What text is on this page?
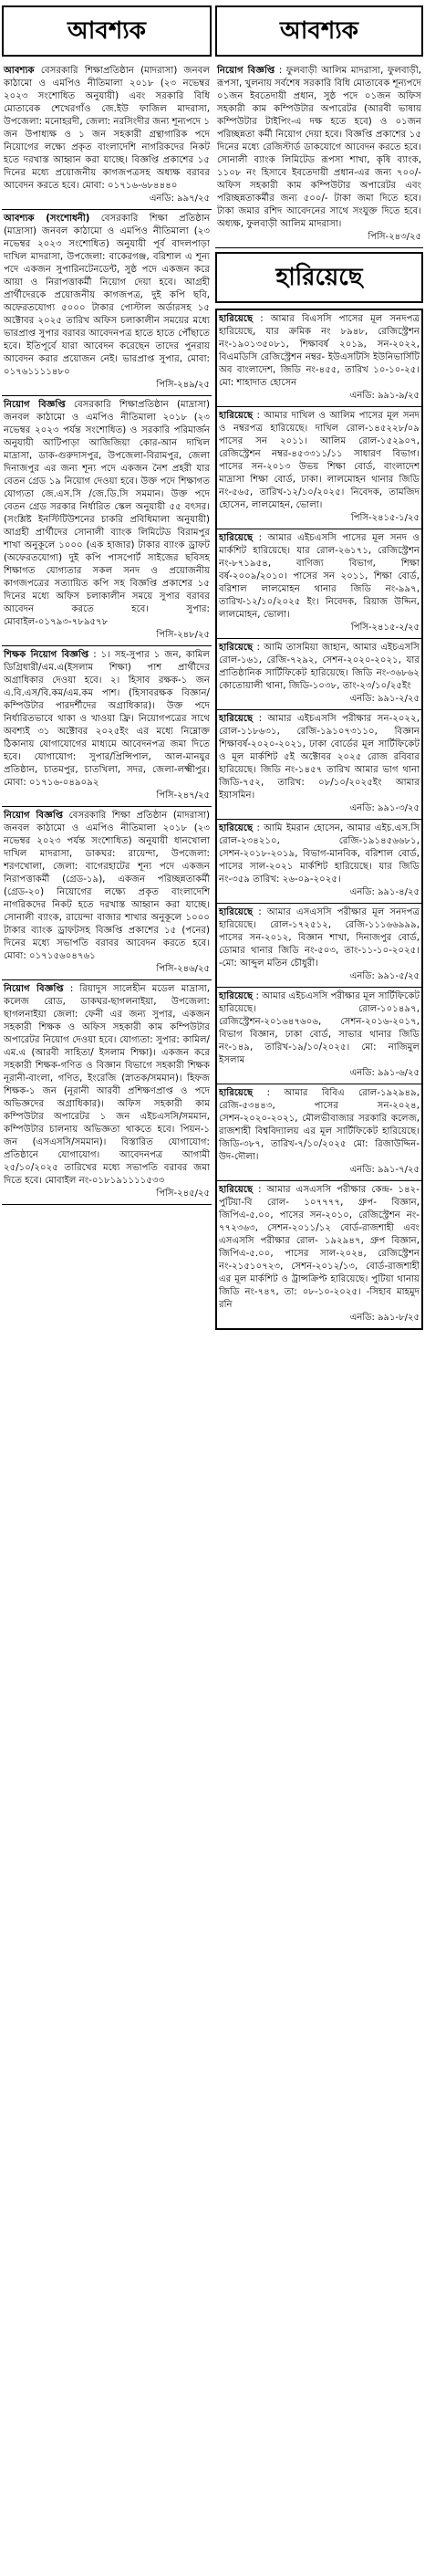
আবশ্যক
আবশ্যক বেসরকারি শিক্ষাপ্রতিষ্ঠান (মাদরাসা) জনবল কাঠামো ও এমপিও নীতিমালা ২০১৮ (২৩ নভেম্বর ২০২৩ সংশোধিত অনুযায়ী) এবং সরকারি বিধি মোতাবেক শেখেরগাঁও জে.ইউ ফাজিল মাদরাসা, উপজেলা: মনোহরদী, জেলা: নরসিংদীর জন্য শূন্যপদে ১ জন উপাধ্যক্ষ ও ১ জন সহকারী গ্রন্থাগারিক পদে নিয়োগের লক্ষ্যে প্রকৃত বাংলাদেশি নাগরিকদের নিকট হতে দরখাস্ত আহ্বান করা যাচ্ছে। বিজ্ঞপ্তি প্রকাশের ১৫ দিনের মধ্যে প্রয়োজনীয় কাগজপত্রসহ অধ্যক্ষ বরাবর আবেদন করতে হবে। মোবা: ০১৭১৬-৬৮৪৪৪০
এনডি: ৯৯৭/২৫
আবশ্যক (সংশোধনী) বেসরকারি শিক্ষা প্রতিষ্ঠান (মাদ্রাসা) জনবল কাঠামো ও এমপিও নীতিমালা (২৩ নভেম্বর ২০২৩ সংশোধিত) অনুযায়ী পূর্ব বাদলপাড়া দাখিল মাদরাসা, উপজেলা: বাকেরগঞ্জ, বরিশাল এ শূন্য পদে একজন সুপারিনটেনডেন্ট, সুষ্ঠ পদে একজন করে আয়া ও নিরাপত্তাকর্মী নিয়োগ দেয়া হবে। আগ্রহী প্রার্থীদেরকে প্রয়োজনীয় কাগজপত্র, দুই কপি ছবি, অফেরতযোগ্য ৫০০০ টাকার পোস্টাল অর্ডারসহ ১৫ অক্টোবর ২০২৫ তারিখ অফিস চলাকালীন সময়ের মধ্যে ভারপ্রাপ্ত সুপার বরাবর আবেদনপত্র হাতে হাতে পৌঁছাতে হবে। ইতিপূর্বে যারা আবেদন করেছেন তাদের পুনরায় আবেদন করার প্রয়োজন নেই। ভারপ্রাপ্ত সুপার, মোবা: ০১৭৬১১১১৪৮০
পিসি-২৪৯/২৫
নিয়োগ বিজ্ঞপ্তি বেসরকারি শিক্ষাপ্রতিষ্ঠান (মাদ্রাসা) জনবল কাঠামো ও এমপিও নীতিমালা ২০১৮ (২৩ নভেম্বর ২০২৩ পর্যন্ত সংশোধিত) ও সরকারি পরিমার্জন অনুযায়ী আটিপাড়া আজিজিয়া কোর-আন দাখিল মাদ্রাসা, ডাক-গুরুদাসপুর, উপজেলা-বিরামপুর, জেলা দিনাজপুর এর জন্য শূন্য পদে একজন নৈশ প্রহরী যার বেতন গ্রেড ১৯ নিয়োগ দেওয়া হবে। উক্ত পদে শিক্ষাগত যোগ্যতা জে.এস.সি /জে.ডি.সি সমমান। উক্ত পদে বেতন গ্রেড সরকার নির্ধারিত স্কেল অনুযায়ী ৫৫ বৎসর। (সংশ্লিষ্ট ইনস্টিটিউশনের চাকরি প্রবিধিমালা অনুযায়ী) আগ্রহী প্রার্থীদের সোনালী ব্যাংক লিমিটেড বিরামপুর শাখা অনুকূলে ১০০০ (এক হাজার) টাকার ব্যাংক ড্রাফট (অফেরতযোগ্য) দুই কপি পাসপোর্ট সাইজের ছবিসহ শিক্ষাগত যোগ্যতার সকল সনদ ও প্রয়োজনীয় কাগজপত্রের সত্যায়িত কপি সহ বিজ্ঞপ্তি প্রকাশের ১৫ দিনের মধ্যে অফিস চলাকালীন সময়ে সুপার বরাবর আবেদন করতে হবে। সুপার: মোবাইল-০১৭৯৩-৭৮৯৫৭৮
পিসি-২৪৮/২৫
শিক্ষক নিয়োগ বিজ্ঞপ্তি : ১। সহ-সুপার ১ জন, কামিল ডিগ্রিধারী/এম.এ(ইসলাম শিক্ষা) পাশ প্রার্থীদের অগ্রাধিকার দেওয়া হবে। ২। হিসাব রক্ষক-১ জন এ.বি.এস/বি.কম/এম.কম পাশ। (হিসাবরক্ষক বিজ্ঞান/কম্পিউটার পারদর্শীদের অগ্রাধিকার)। উক্ত পদে নির্ধারিতভাবে থাকা ও খাওয়া ফ্রি। নিয়োগপত্রের সাথে অবশ্যই ৩১ অক্টোবর ২০২৫ইং এর মধ্যে নিম্নোক্ত ঠিকানায় যোগাযোগের মাধ্যমে আবেদনপত্র জমা দিতে হবে। যোগাযোগ: সুপার/প্রিন্সিপাল, আল-মানযুর প্রতিষ্ঠান, চাতমপুর, চাতখিলা, সদর, জেলা-লক্ষ্মীপুর। মোবা: ০১৭১৬-০৪৯০৯২
পিসি-২৪৭/২৫
নিয়োগ বিজ্ঞপ্তি বেসরকারি শিক্ষা প্রতিষ্ঠান (মাদরাসা) জনবল কাঠামো ও এমপিও নীতিমালা ২০১৮ (২৩ নভেম্বর ২০২৩ পর্যন্ত সংশোধিত) অনুযায়ী ধানখোলা দাখিল মাদরাসা, ডাকঘর: রায়েন্দা, উপজেলা: শরণখোলা, জেলা: বাগেরহাটের শূন্য পদে একজন নিরাপত্তাকর্মী (গ্রেড-১৯), একজন পরিচ্ছন্নতাকর্মী (গ্রেড-২০) নিয়োগের লক্ষ্যে প্রকৃত বাংলাদেশি নাগরিকদের নিকট হতে দরখাস্ত আহ্বান করা যাচ্ছে। সোনালী ব্যাংক, রায়েন্দা বাজার শাখার অনুকূলে ১০০০ টাকার ব্যাংক ড্রাফটসহ বিজ্ঞপ্তি প্রকাশের ১৫ (পনের) দিনের মধ্যে সভাপতি বরাবর আবেদন করতে হবে। মোবা: ০১৭১৫৬০৪৭৬১
পিসি-২৪৬/২৫
নিয়োগ বিজ্ঞপ্তি : রিয়াদুস সালেহীন মডেল মাদ্রাসা, কলেজ রোড, ডাকঘর-ছাগলনাইয়া, উপজেলা: ছাগলনাইয়া জেলা: ফেনী এর জন্য সুপার, একজন সহকারী শিক্ষক ও অফিস সহকারী কাম কম্পিউটার অপারেটর নিয়োগ দেওয়া হবে। যোগ্যতা: সুপার: কামিল/এম.এ (আরবী সাহিত্য/ ইসলাম শিক্ষা)। একজন করে সহকারী শিক্ষক-গণিত ও বিজ্ঞান বিভাগে সহকারী শিক্ষক নূরানী-বাংলা, গণিত, ইংরেজি (স্নাতক/সমমান)। হিফজ শিক্ষক-১ জন (নূরানী আরবী প্রশিক্ষণপ্রাপ্ত ও পদে অভিজ্ঞদের অগ্রাধিকার)। অফিস সহকারী কাম কম্পিউটার অপারেটর ১ জন এইচএসসি/সমমান, কম্পিউটার চালনায় অভিজ্ঞতা থাকতে হবে। পিয়ন-১ জন (এসএসসি/সমমান)। বিস্তারিত যোগাযোগ: প্রতিষ্ঠানে যোগাযোগ। আবেদনপত্র আগামী ২৫/১০/২০২৫ তারিখের মধ্যে সভাপতি বরাবর জমা দিতে হবে। মোবাইল নং-০১৮১৯১১১১৫৩৩
পিসি-২৪৫/২৫
আবশ্যক
নিয়োগ বিজ্ঞপ্তি : ফুলবাড়ী আলিম মাদরাসা, ফুলবাড়ী, রূপসা, খুলনায় সর্বশেষ সরকারি বিধি মোতাবেক শূন্যপদে ০১জন ইবতেদায়ী প্রধান, সুষ্ঠ পদে ০১জন অফিস সহকারী কাম কম্পিউটার অপারেটর (আরবী ভাষায় কম্পিউটার টাইপিং-এ দক্ষ হতে হবে) ও ০১জন পরিচ্ছন্নতা কর্মী নিয়োগ দেয়া হবে। বিজ্ঞপ্তি প্রকাশের ১৫ দিনের মধ্যে রেজিস্টার্ড ডাকযোগে আবেদন করতে হবে। সোনালী ব্যাংক লিমিটেড রূপসা শাখা, কৃষি ব্যাংক, ১১০৮ নং হিসাবে ইবতেদায়ী প্রধান-এর জন্য ৭০০/- অফিস সহকারী কাম কম্পিউটার অপারেটর এবং পরিচ্ছন্নতাকর্মীর জন্য ৫০০/- টাকা জমা দিতে হবে। টাকা জমার রশিদ আবেদনের সাথে সংযুক্ত দিতে হবে। অধ্যক্ষ, ফুলবাড়ী আলিম মাদরাসা।
পিসি-২৪৩/২৫
হারিয়েছে
হারিয়েছে : আমার বিএসসি পাসের মূল সনদপত্র হারিয়েছে, যার ক্রমিক নং ৮৯৪৮, রেজিস্ট্রেশন নং-১৯০১৩৫০৮১, শিক্ষাবর্ষ ২০১৯, সন-২০২২, বিএমডিসি রেজিস্ট্রেশন নম্বর- ইউএসটিসি ইউনিভার্সিটি অব বাংলাদেশ, জিডি নং-৪৫৫, তারিখ ১০-১০-২৫। মো: শাহাদাত হোসেন
এনডি: ৯৯১-৯/২৫
হারিয়েছে : আমার দাখিল ও আলিম পাসের মূল সনদ ও নম্বরপত্র হারিয়েছে। দাখিল রোল-১৪৫২২৮/০৯ পাসের সন ২০১১। আলিম রোল-১৫২৯০৭, রেজিস্ট্রেশন নম্বর-৪৫৩৩১১/১১ সাধারণ বিভাগ। পাসের সন-২০১৩ উভয় শিক্ষা বোর্ড, বাংলাদেশ মাদ্রাসা শিক্ষা বোর্ড, ঢাকা। লালমোহন থানার জিডি নং-৫৬৫, তারিখ-১২/১০/২০২৫। নিবেদক, তামজিদ হোসেন, লালমোহন, ভোলা।
পিসি-২৪১৫-১/২৫
হারিয়েছে : আমার এইচএসসি পাসের মূল সনদ ও মার্কশিট হারিয়েছে। যার রোল-২৬১৭১, রেজিস্ট্রেশন নং-৮৭১৯৫৪, বাণিজ্য বিভাগ, শিক্ষা বর্ষ-২০০৯/২০১০। পাসের সন ২০১১, শিক্ষা বোর্ড, বরিশাল লালমোহন থানার জিডি নং-৯৯৭, তারিখ-১২/১০/২০২৫ ইং। নিবেদক, রিয়াজ উদ্দিন, লালমোহন, ভোলা।
পিসি-২৪১৫-২/২৫
হারিয়েছে : আমি তাসমিয়া জাহান, আমার এইচএসসি রোল-১৬১, রেজি-৭২৯২, সেশন-২০২০-২০২১, যার প্রাতিষ্ঠানিক সার্টিফিকেট হারিয়েছে। জিডি নং-৩৬৮৬২ কোতোয়ালী থানা, জিডি-১০৩৮, তাং-২৩/১০/২৫ইং
এনডি: ৯৯১-২/২৫
হারিয়েছে : আমার এইচএসসি পরীক্ষার সন-২০২২, রোল-১১৮৬৩১, রেজি-১৯১০৭৩১১০, বিজ্ঞান শিক্ষাবর্ষ-২০২০-২০২১, ঢাকা বোর্ডের মূল সার্টিফিকেট ও মূল মার্কশিট ৫ই অক্টোবর ২০২৫ রোজ রবিবার হারিয়েছে। জিডি নং-১৪৫৭ তারিখ আমার ভাগ থানা জিডি-৭৫২, তারিখ: ০৮/১০/২০২৫ইং আমার ইয়াসমিন।
এনডি: ৯৯১-৩/২৫
হারিয়েছে : আমি ইমরান হোসেন, আমার এইচ.এস.সি রোল-২৩৪২১০, রেজি-১৯১৪৫৬৬৮১, সেশন-২০১৮-২০১৯, বিভাগ-মানবিক, বরিশাল বোর্ড, পাসের সাল-২০২১ মার্কশিট হারিয়েছে। যার জিডি নং-৩৫৯ তারিখ: ২৬-০৯-২০২৫।
এনডি: ৯৯১-৪/২৫
হারিয়েছে : আমার এসএসসি পরীক্ষার মূল সনদপত্র হারিয়েছে। রোল-১৭২৫১২, রেজি-১১১৬৬৯৯৯, পাসের সন-২০১২, বিজ্ঞান শাখা, দিনাজপুর বোর্ড, ডোমার থানার জিডি নং-৫০৩, তাং-১১-১০-২০২৫। -মো: আব্দুল মতিন চৌধুরী।
এনডি: ৯৯১-৫/২৫
হারিয়েছে : আমার এইচএসসি পরীক্ষার মূল সার্টিফিকেট হারিয়েছে। রোল-১০১৪৯৭, রেজিস্ট্রেশন-২০১৬৪৭৬০৬, সেশন-২০১৬-২০১৭, বিভাগ বিজ্ঞান, ঢাকা বোর্ড, সাভার থানার জিডি নং-১৪৯, তারিখ-১৯/১০/২০২৫। মো: নাজিমুল ইসলাম
এনডি: ৯৯১-৬/২৫
হারিয়েছে : আমার বিবিএ রোল-১৯২৯৪৯, রেজি-৫৩৪৪৩, পাসের সন-২০২৪, সেশন-২০২০-২০২১, মৌলভীবাজার সরকারি কলেজ, রাজশাহী বিশ্ববিদ্যালয় এর মূল সার্টিফিকেট হারিয়েছে। জিডি-৩৮৭, তারিখ-৭/১০/২০২৫ মো: রিজাউদ্দিন-উদ-দৌলা।
এনডি: ৯৯১-৭/২৫
হারিয়েছে : আমার এসএসসি পরীক্ষার কেন্দ্র- ১৪২-পুটিয়া-বি রোল- ১০৭৭৭৭, গ্রুপ- বিজ্ঞান, জিপিএ-৫.০০, পাসের সন-২০১০, রেজিস্ট্রেশন নং- ৭৭২৩৬৩, সেশন-২০১১/১২ বোর্ড-রাজশাহী এবং এসএসসি পরীক্ষার রোল- ১৯২৯৪৭, গ্রুপ বিজ্ঞান, জিপিএ-৫.০০, পাসের সাল-২০২৪, রেজিস্ট্রেশন নং-২১৫১০৭২৩, সেশন-২০১২/১৩, বোর্ড-রাজশাহী এর মূল মার্কশিট ও ট্রান্সক্রিপ্ট হারিয়েছে। পুটিয়া থানায় জিডি নং-৭৪৭, তা: ০৮-১০-২০২৫। -সিহাব মাহমুদ রনি
এনডি: ৯৯১-৮/২৫
